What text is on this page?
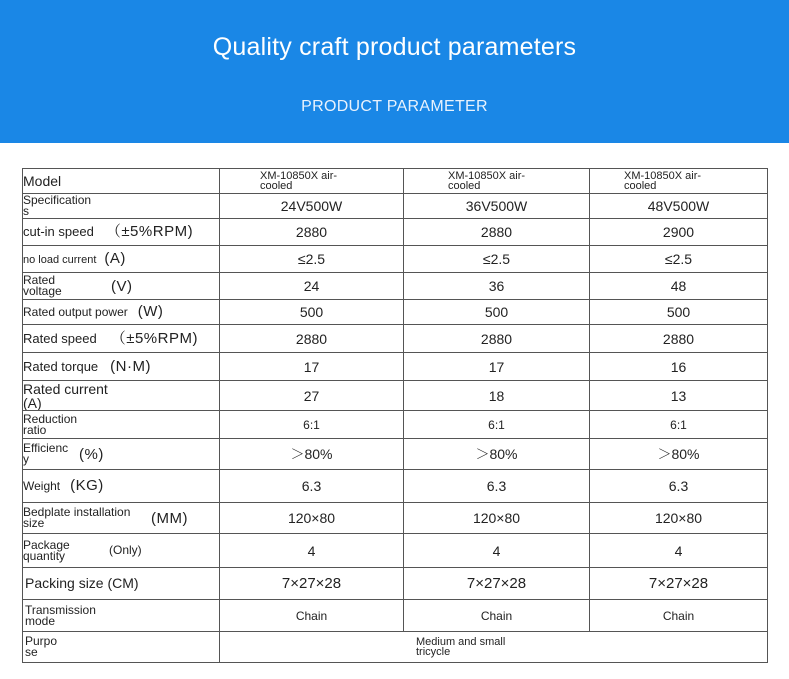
Quality craft product parameters
PRODUCT PARAMETER
Model	XM-10850X air-cooled	XM-10850X air-cooled	XM-10850X air-cooled
Specifications	24V500W	36V500W	48V500W
cut-in speed （±5%RPM)	2880	2880	2900
no load current (A)	≤2.5	≤2.5	≤2.5

Rated voltage (V)	24	36	48
Rated output power (W)	500	500	500
Rated speed （±5%RPM)	2880	2880	2880
Rated torque (N·M)	17	17	16
Rated current (A)	27	18	13
Reduction ratio	6:1	6:1	6:1

Efficiency (%)	＞80%	＞80%	＞80%
Weight (KG)	6.3	6.3	6.3

Bedplate installation size (MM)	120×80	120×80	120×80

Package quantity (Only)	4	4	4
Packing size (CM)	7×27×28	7×27×28	7×27×28
Transmission mode	Chain	Chain	Chain
Purpose	Medium and small tricycle		
